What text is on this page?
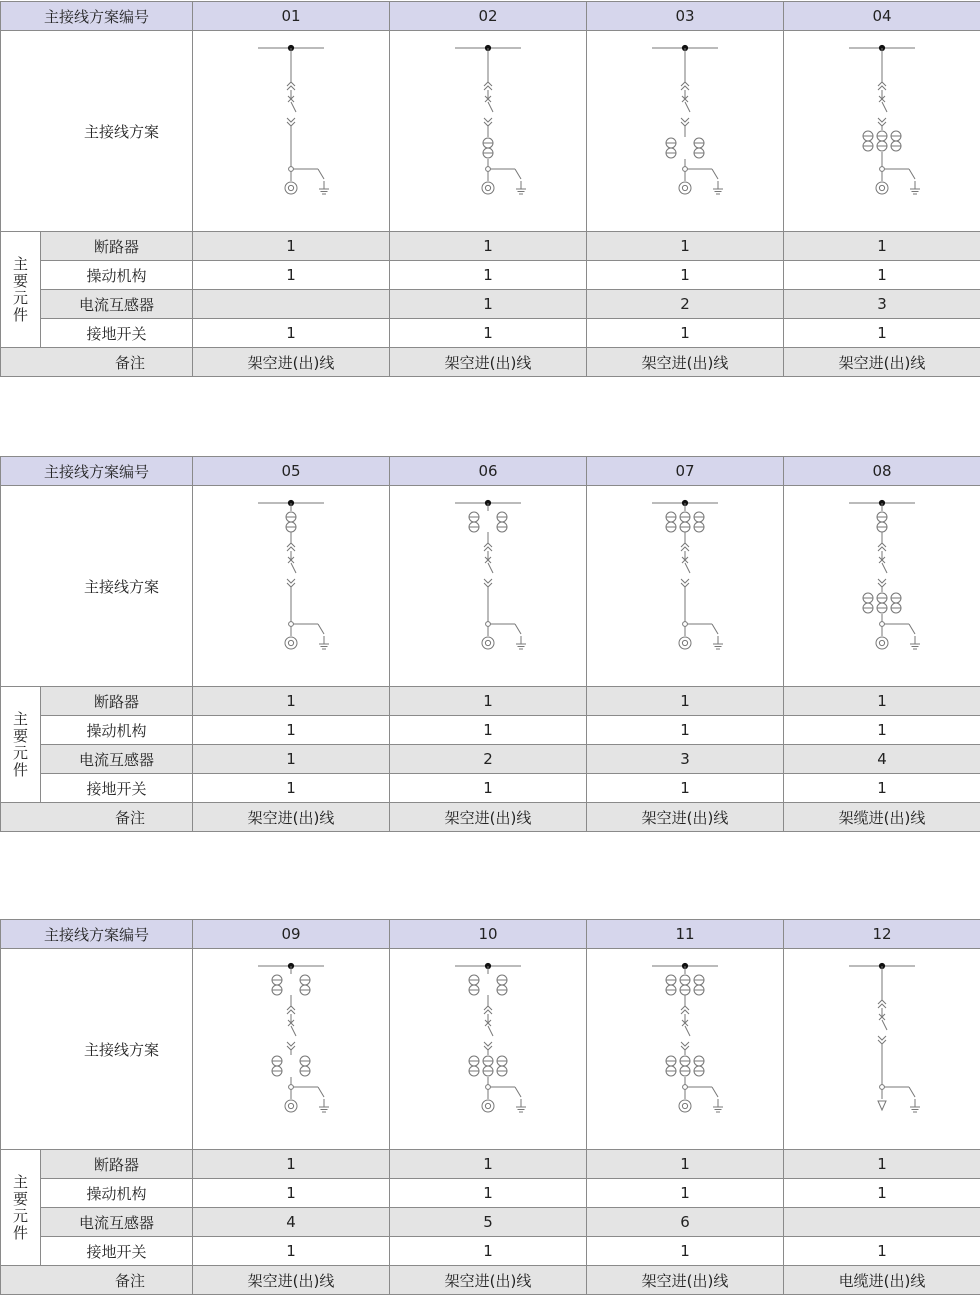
主接线方案编号		01	02	03	04
主接线方案	

主要元件	断路器	1	1	1	1
	操动机构	1	1	1	1
	电流互感器		1	2	3
	接地开关	1	1	1	1
备注		架空进(出)线	架空进(出)线	架空进(出)线	架空进(出)线
主接线方案编号		05	06	07	08
主接线方案	

主要元件	断路器	1	1	1	1
	操动机构	1	1	1	1
	电流互感器	1	2	3	4
	接地开关	1	1	1	1
备注		架空进(出)线	架空进(出)线	架空进(出)线	架缆进(出)线
主接线方案编号		09	10	11	12
主接线方案	

主要元件	断路器	1	1	1	1
	操动机构	1	1	1	1
	电流互感器	4	5	6	
	接地开关	1	1	1	1
备注		架空进(出)线	架空进(出)线	架空进(出)线	电缆进(出)线
